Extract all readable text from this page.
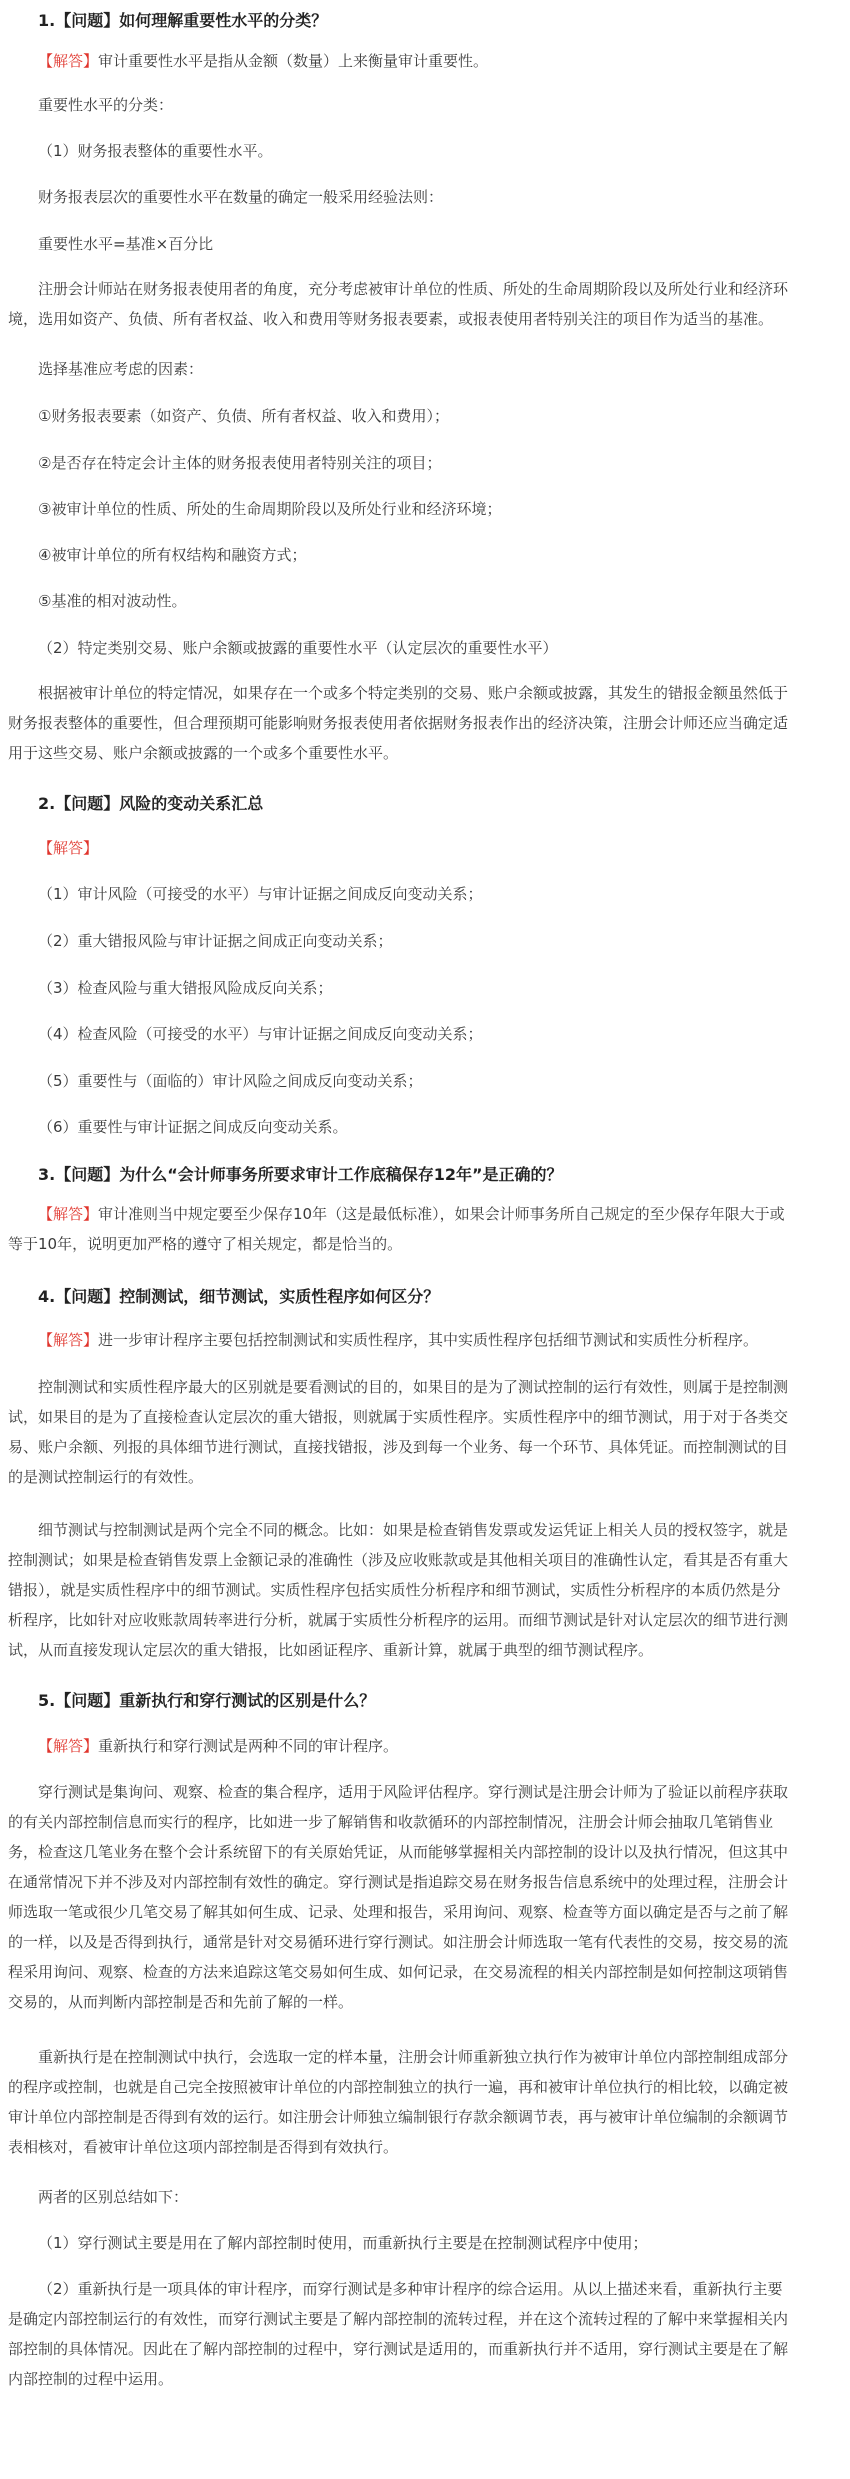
1.【问题】如何理解重要性水平的分类？
【解答】审计重要性水平是指从金额（数量）上来衡量审计重要性。
重要性水平的分类：
（1）财务报表整体的重要性水平。
财务报表层次的重要性水平在数量的确定一般采用经验法则：
重要性水平=基准×百分比
注册会计师站在财务报表使用者的角度，充分考虑被审计单位的性质、所处的生命周期阶段以及所处行业和经济环
境，选用如资产、负债、所有者权益、收入和费用等财务报表要素，或报表使用者特别关注的项目作为适当的基准。
选择基准应考虑的因素：
①财务报表要素（如资产、负债、所有者权益、收入和费用）；
②是否存在特定会计主体的财务报表使用者特别关注的项目；
③被审计单位的性质、所处的生命周期阶段以及所处行业和经济环境；
④被审计单位的所有权结构和融资方式；
⑤基准的相对波动性。
（2）特定类别交易、账户余额或披露的重要性水平（认定层次的重要性水平）
根据被审计单位的特定情况，如果存在一个或多个特定类别的交易、账户余额或披露，其发生的错报金额虽然低于
财务报表整体的重要性，但合理预期可能影响财务报表使用者依据财务报表作出的经济决策，注册会计师还应当确定适
用于这些交易、账户余额或披露的一个或多个重要性水平。
2.【问题】风险的变动关系汇总
【解答】
（1）审计风险（可接受的水平）与审计证据之间成反向变动关系；
（2）重大错报风险与审计证据之间成正向变动关系；
（3）检查风险与重大错报风险成反向关系；
（4）检查风险（可接受的水平）与审计证据之间成反向变动关系；
（5）重要性与（面临的）审计风险之间成反向变动关系；
（6）重要性与审计证据之间成反向变动关系。
3.【问题】为什么“会计师事务所要求审计工作底稿保存12年”是正确的？
【解答】审计准则当中规定要至少保存10年（这是最低标准），如果会计师事务所自己规定的至少保存年限大于或
等于10年，说明更加严格的遵守了相关规定，都是恰当的。
4.【问题】控制测试，细节测试，实质性程序如何区分？
【解答】进一步审计程序主要包括控制测试和实质性程序，其中实质性程序包括细节测试和实质性分析程序。
控制测试和实质性程序最大的区别就是要看测试的目的，如果目的是为了测试控制的运行有效性，则属于是控制测
试，如果目的是为了直接检查认定层次的重大错报，则就属于实质性程序。实质性程序中的细节测试，用于对于各类交
易、账户余额、列报的具体细节进行测试，直接找错报，涉及到每一个业务、每一个环节、具体凭证。而控制测试的目
的是测试控制运行的有效性。
细节测试与控制测试是两个完全不同的概念。比如：如果是检查销售发票或发运凭证上相关人员的授权签字，就是
控制测试；如果是检查销售发票上金额记录的准确性（涉及应收账款或是其他相关项目的准确性认定，看其是否有重大
错报），就是实质性程序中的细节测试。实质性程序包括实质性分析程序和细节测试，实质性分析程序的本质仍然是分
析程序，比如针对应收账款周转率进行分析，就属于实质性分析程序的运用。而细节测试是针对认定层次的细节进行测
试，从而直接发现认定层次的重大错报，比如函证程序、重新计算，就属于典型的细节测试程序。
5.【问题】重新执行和穿行测试的区别是什么？
【解答】重新执行和穿行测试是两种不同的审计程序。
穿行测试是集询问、观察、检查的集合程序，适用于风险评估程序。穿行测试是注册会计师为了验证以前程序获取
的有关内部控制信息而实行的程序，比如进一步了解销售和收款循环的内部控制情况，注册会计师会抽取几笔销售业
务，检查这几笔业务在整个会计系统留下的有关原始凭证，从而能够掌握相关内部控制的设计以及执行情况，但这其中
在通常情况下并不涉及对内部控制有效性的确定。穿行测试是指追踪交易在财务报告信息系统中的处理过程，注册会计
师选取一笔或很少几笔交易了解其如何生成、记录、处理和报告，采用询问、观察、检查等方面以确定是否与之前了解
的一样，以及是否得到执行，通常是针对交易循环进行穿行测试。如注册会计师选取一笔有代表性的交易，按交易的流
程采用询问、观察、检查的方法来追踪这笔交易如何生成、如何记录，在交易流程的相关内部控制是如何控制这项销售
交易的，从而判断内部控制是否和先前了解的一样。
重新执行是在控制测试中执行，会选取一定的样本量，注册会计师重新独立执行作为被审计单位内部控制组成部分
的程序或控制，也就是自己完全按照被审计单位的内部控制独立的执行一遍，再和被审计单位执行的相比较，以确定被
审计单位内部控制是否得到有效的运行。如注册会计师独立编制银行存款余额调节表，再与被审计单位编制的余额调节
表相核对，看被审计单位这项内部控制是否得到有效执行。
两者的区别总结如下：
（1）穿行测试主要是用在了解内部控制时使用，而重新执行主要是在控制测试程序中使用；
（2）重新执行是一项具体的审计程序，而穿行测试是多种审计程序的综合运用。从以上描述来看，重新执行主要
是确定内部控制运行的有效性，而穿行测试主要是了解内部控制的流转过程，并在这个流转过程的了解中来掌握相关内
部控制的具体情况。因此在了解内部控制的过程中，穿行测试是适用的，而重新执行并不适用，穿行测试主要是在了解
内部控制的过程中运用。
